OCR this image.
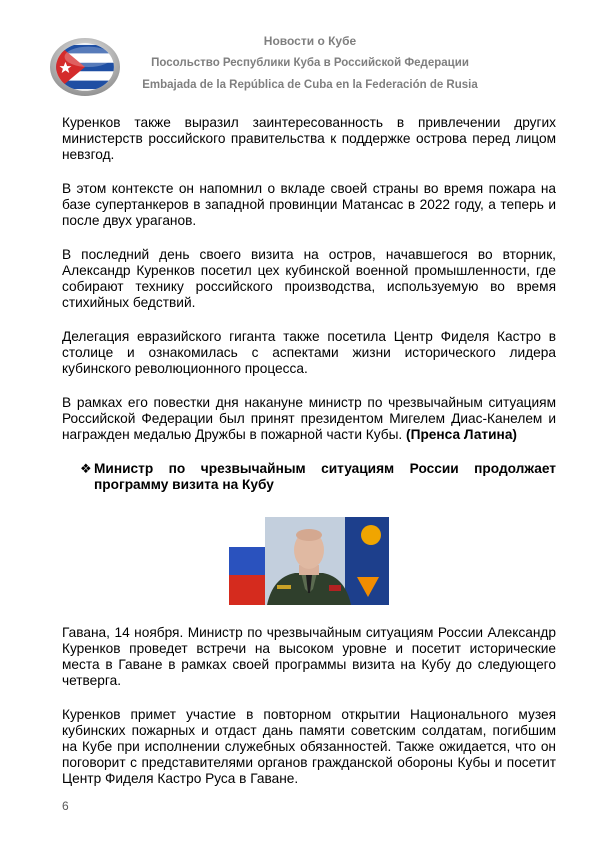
Новости о Кубе
Посольство Республики Куба в Российской Федерации
Embajada de la República de Cuba en la Federación de Rusia

Куренков также выразил заинтересованность в привлечении других министерств российского правительства к поддержке острова перед лицом невзгод.

В этом контексте он напомнил о вкладе своей страны во время пожара на базе супертанкеров в западной провинции Матансас в 2022 году, а теперь и после двух ураганов.

В последний день своего визита на остров, начавшегося во вторник, Александр Куренков посетил цех кубинской военной промышленности, где собирают технику российского производства, используемую во время стихийных бедствий.

Делегация евразийского гиганта также посетила Центр Фиделя Кастро в столице и ознакомилась с аспектами жизни исторического лидера кубинского революционного процесса.

В рамках его повестки дня накануне министр по чрезвычайным ситуациям Российской Федерации был принят президентом Мигелем Диас-Канелем и награжден медалью Дружбы в пожарной части Кубы. (Пренса Латина)

❖ Министр по чрезвычайным ситуациям России продолжает программу визита на Кубу

Гавана, 14 ноября. Министр по чрезвычайным ситуациям России Александр Куренков проведет встречи на высоком уровне и посетит исторические места в Гаване в рамках своей программы визита на Кубу до следующего четверга.

Куренков примет участие в повторном открытии Национального музея кубинских пожарных и отдаст дань памяти советским солдатам, погибшим на Кубе при исполнении служебных обязанностей. Также ожидается, что он поговорит с представителями органов гражданской обороны Кубы и посетит Центр Фиделя Кастро Руса в Гаване.

6
